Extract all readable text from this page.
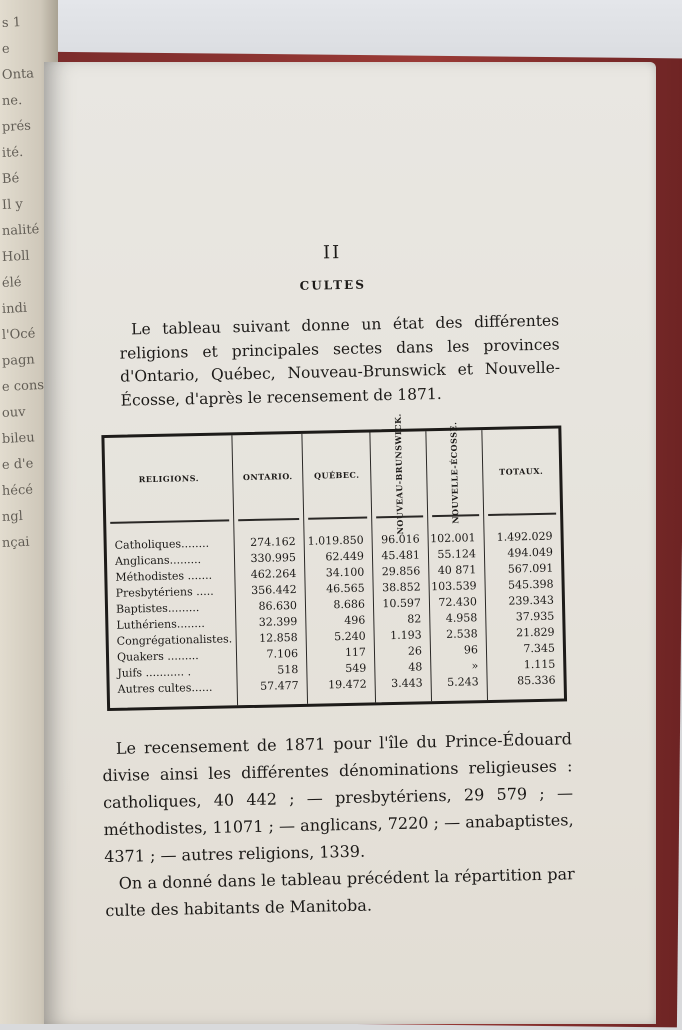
s 1
e
Onta
ne.
prés
ité.
Bé
Il y
nalité
Holl
élé
indi
l'Océ
pagn
e cons
ouv
bileu
e d'e
hécé
ngl
nçai
II
CULTES
Le tableau suivant donne un état des différentes religions et principales sectes dans les provinces d'Ontario, Québec, Nouveau-Brunswick et Nouvelle-Écosse, d'après le recensement de 1871.
RELIGIONS.
Catholiques........
Anglicans.........
Méthodistes .......
Presbytériens .....
Baptistes.........
Luthériens........
Congrégationalistes.
Quakers .........
Juifs ........... .
Autres cultes......
ONTARIO.
274.162
330.995
462.264
356.442
86.630
32.399
12.858
7.106
518
57.477
QUÉBEC.
1.019.850
62.449
34.100
46.565
8.686
496
5.240
117
549
19.472
NOUVEAU-BRUNSWICK.
96.016
45.481
29.856
38.852
10.597
82
1.193
26
48
3.443
NOUVELLE-ÉCOSSE.
102.001
55.124
40 871
103.539
72.430
4.958
2.538
96
»
5.243
TOTAUX.
1.492.029
494.049
567.091
545.398
239.343
37.935
21.829
7.345
1.115
85.336

Le recensement de 1871 pour l'île du Prince-Édouard divise ainsi les différentes dénominations religieuses : catholiques, 40 442 ; — presbytériens, 29 579 ; — méthodistes, 11071 ; — anglicans, 7220 ; — anabaptistes, 4371 ; — autres religions, 1339.

On a donné dans le tableau précédent la répartition par culte des habitants de Manitoba.
